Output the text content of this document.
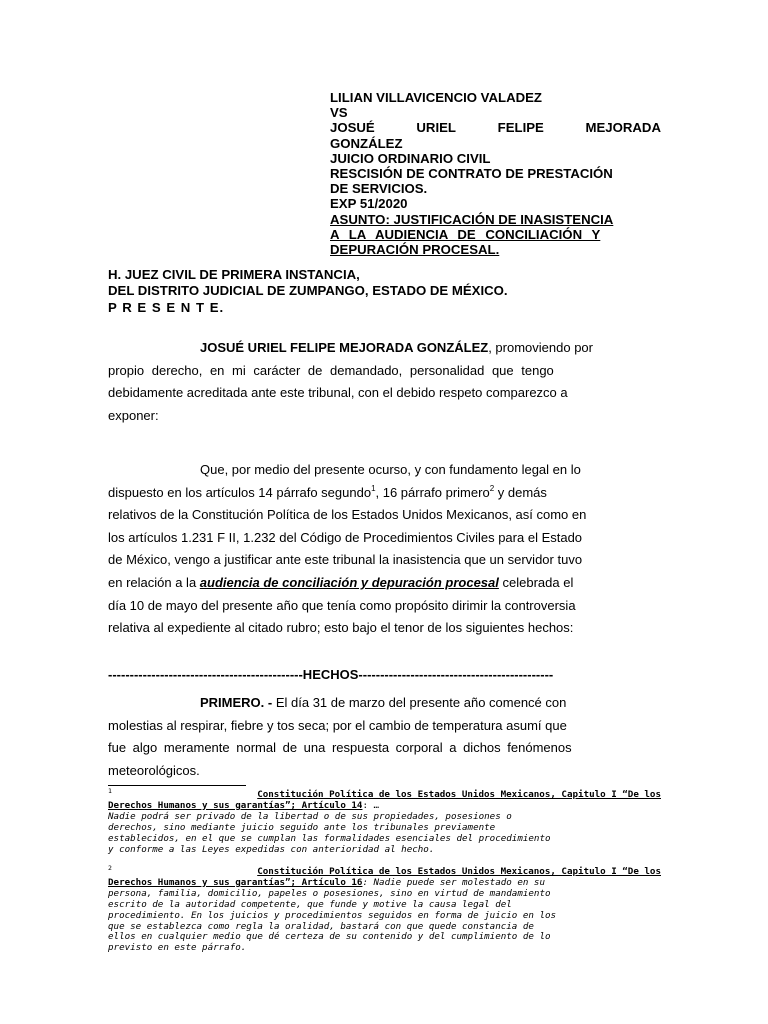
LILIAN VILLAVICENCIO VALADEZ
VS
JOSUÉ	URIEL	FELIPE	MEJORADA
GONZÁLEZ
JUICIO ORDINARIO CIVIL
RESCISIÓN DE CONTRATO DE PRESTACIÓN
DE SERVICIOS.
EXP 51/2020
ASUNTO: JUSTIFICACIÓN DE INASISTENCIA
A LA AUDIENCIA DE CONCILIACIÓN Y
DEPURACIÓN PROCESAL.
H. JUEZ CIVIL DE PRIMERA INSTANCIA,
DEL DISTRITO JUDICIAL DE ZUMPANGO, ESTADO DE MÉXICO.
P R E S E N T E.
JOSUÉ URIEL FELIPE MEJORADA GONZÁLEZ, promoviendo por
propio derecho, en mi carácter de demandado, personalidad que tengo
debidamente acreditada ante este tribunal, con el debido respeto comparezco a
exponer:
Que, por medio del presente ocurso, y con fundamento legal en lo
dispuesto en los artículos 14 párrafo segundo$^1$, 16 párrafo primero$^2$ y demás
relativos de la Constitución Política de los Estados Unidos Mexicanos, así como en
los artículos 1.231 F II, 1.232 del Código de Procedimientos Civiles para el Estado
de México, vengo a justificar ante este tribunal la inasistencia que un servidor tuvo
en relación a la audiencia de conciliación y depuración procesal celebrada el
día 10 de mayo del presente año que tenía como propósito dirimir la controversia
relativa al expediente al citado rubro; esto bajo el tenor de los siguientes hechos:
---------------------------------------------HECHOS---------------------------------------------
PRIMERO. - El día 31 de marzo del presente año comencé con
molestias al respirar, fiebre y tos seca; por el cambio de temperatura asumí que
fue algo meramente normal de una respuesta corporal a dichos fenómenos
meteorológicos.
$^1$	Constitución Política de los Estados Unidos Mexicanos, Capitulo I “De los
Derechos Humanos y sus garantías”; Artículo 14: …
Nadie podrá ser privado de la libertad o de sus propiedades, posesiones o
derechos, sino mediante juicio seguido ante los tribunales previamente
establecidos, en el que se cumplan las formalidades esenciales del procedimiento
y conforme a las Leyes expedidas con anterioridad al hecho.
$^2$	Constitución Política de los Estados Unidos Mexicanos, Capitulo I “De los
Derechos Humanos y sus garantías”; Artículo 16: Nadie puede ser molestado en su
persona, familia, domicilio, papeles o posesiones, sino en virtud de mandamiento
escrito de la autoridad competente, que funde y motive la causa legal del
procedimiento. En los juicios y procedimientos seguidos en forma de juicio en los
que se establezca como regla la oralidad, bastará con que quede constancia de
ellos en cualquier medio que dé certeza de su contenido y del cumplimiento de lo
previsto en este párrafo.
